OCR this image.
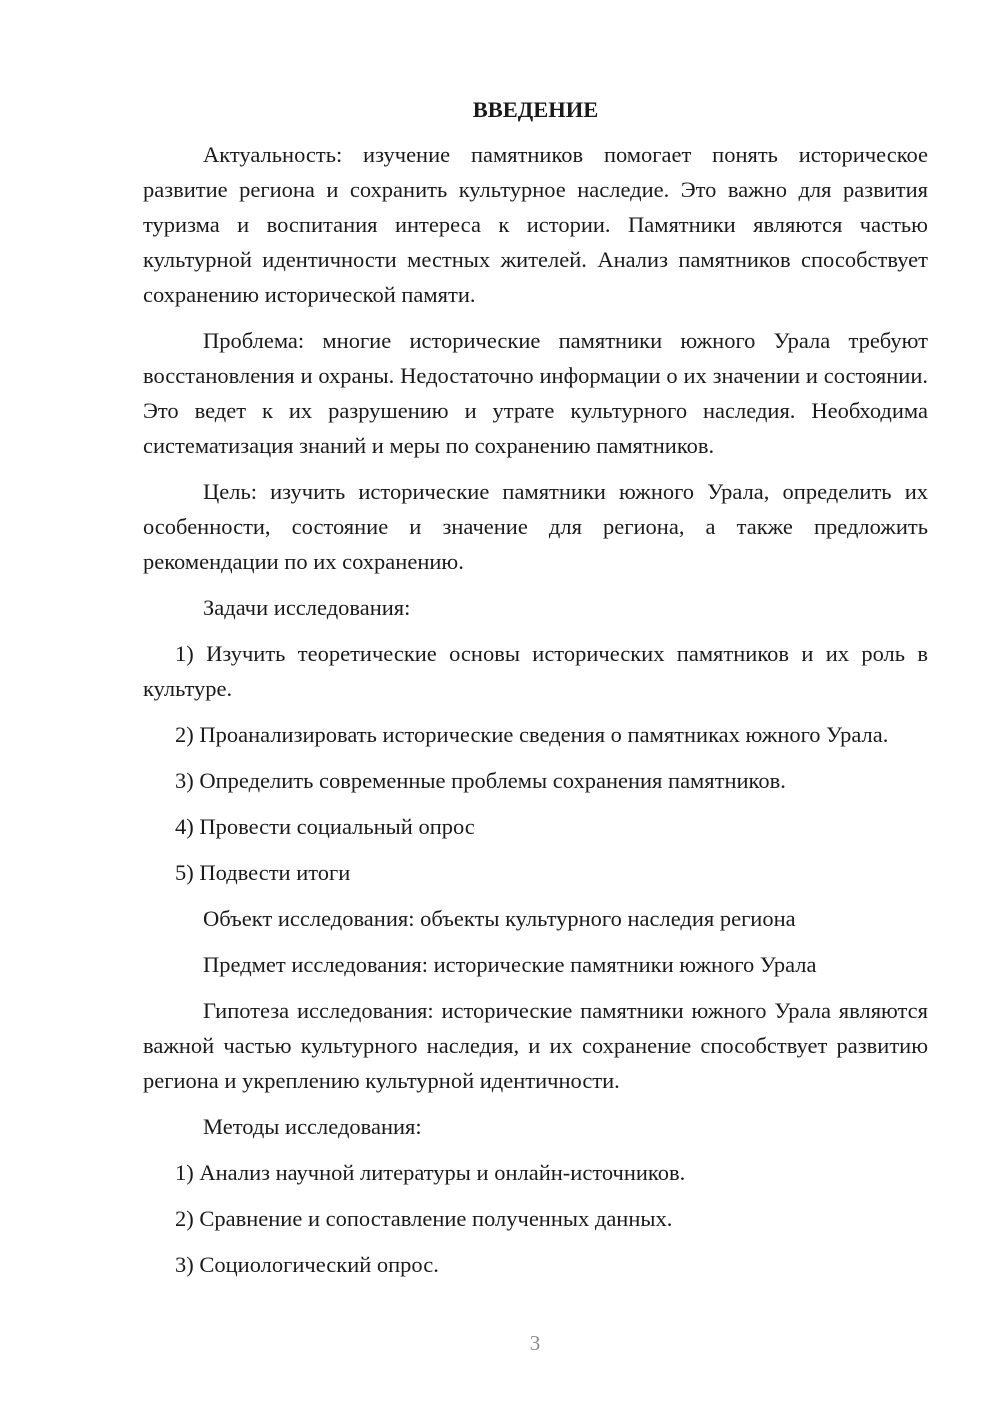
ВВЕДЕНИЕ

Актуальность: изучение памятников помогает понять историческое развитие региона и сохранить культурное наследие. Это важно для развития туризма и воспитания интереса к истории. Памятники являются частью культурной идентичности местных жителей. Анализ памятников способствует сохранению исторической памяти.

Проблема: многие исторические памятники южного Урала требуют восстановления и охраны. Недостаточно информации о их значении и состоянии. Это ведет к их разрушению и утрате культурного наследия. Необходима систематизация знаний и меры по сохранению памятников.

Цель: изучить исторические памятники южного Урала, определить их особенности, состояние и значение для региона, а также предложить рекомендации по их сохранению.

Задачи исследования:

1) Изучить теоретические основы исторических памятников и их роль в культуре.

2) Проанализировать исторические сведения о памятниках южного Урала.

3) Определить современные проблемы сохранения памятников.

4) Провести социальный опрос

5) Подвести итоги

Объект исследования: объекты культурного наследия региона

Предмет исследования: исторические памятники южного Урала

Гипотеза исследования: исторические памятники южного Урала являются важной частью культурного наследия, и их сохранение способствует развитию региона и укреплению культурной идентичности.

Методы исследования:

1) Анализ научной литературы и онлайн-источников.

2) Сравнение и сопоставление полученных данных.

3) Социологический опрос.

3
